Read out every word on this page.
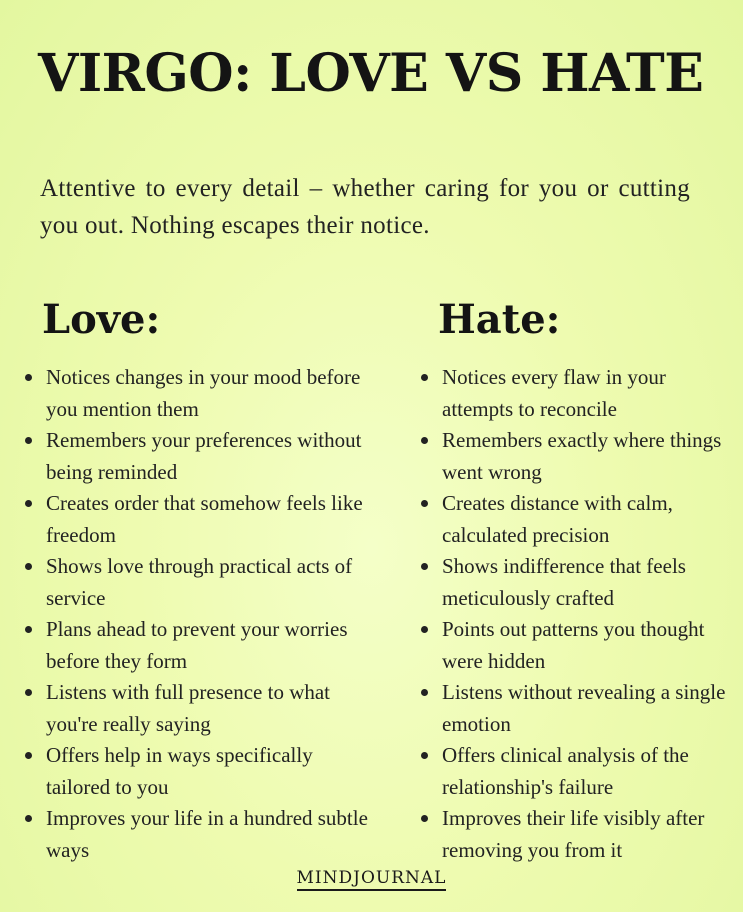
VIRGO: LOVE VS HATE

Attentive to every detail – whether caring for you or cutting you out. Nothing escapes their notice.

Love:
Notices changes in your mood before you mention them
Remembers your preferences without being reminded
Creates order that somehow feels like freedom
Shows love through practical acts of service
Plans ahead to prevent your worries before they form
Listens with full presence to what you're really saying
Offers help in ways specifically tailored to you
Improves your life in a hundred subtle ways
Hate:
Notices every flaw in your attempts to reconcile
Remembers exactly where things went wrong
Creates distance with calm, calculated precision
Shows indifference that feels meticulously crafted
Points out patterns you thought were hidden
Listens without revealing a single emotion
Offers clinical analysis of the relationship's failure
Improves their life visibly after removing you from it
MINDJOURNAL
